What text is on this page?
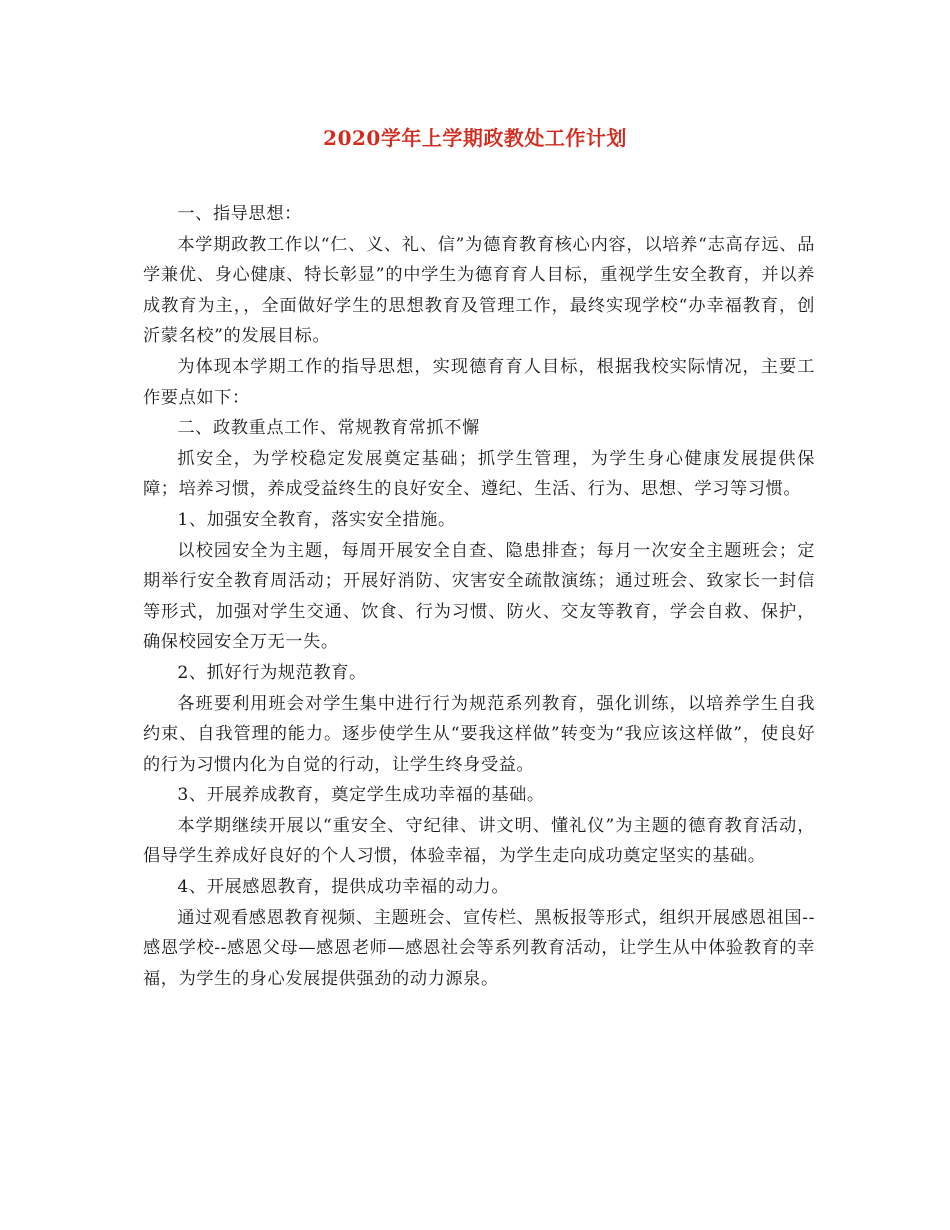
2020学年上学期政教处工作计划

一、指导思想：

本学期政教工作以“仁、义、礼、信”为德育教育核心内容，以培养“志高存远、品学兼优、身心健康、特长彰显”的中学生为德育育人目标，重视学生安全教育，并以养成教育为主，，全面做好学生的思想教育及管理工作，最终实现学校“办幸福教育，创沂蒙名校”的发展目标。

为体现本学期工作的指导思想，实现德育育人目标，根据我校实际情况，主要工作要点如下：

二、政教重点工作、常规教育常抓不懈

抓安全，为学校稳定发展奠定基础；抓学生管理，为学生身心健康发展提供保障；培养习惯，养成受益终生的良好安全、遵纪、生活、行为、思想、学习等习惯。

1、加强安全教育，落实安全措施。

以校园安全为主题，每周开展安全自查、隐患排查；每月一次安全主题班会；定期举行安全教育周活动；开展好消防、灾害安全疏散演练；通过班会、致家长一封信等形式，加强对学生交通、饮食、行为习惯、防火、交友等教育，学会自救、保护，确保校园安全万无一失。

2、抓好行为规范教育。

各班要利用班会对学生集中进行行为规范系列教育，强化训练，以培养学生自我约束、自我管理的能力。逐步使学生从“要我这样做”转变为“我应该这样做”，使良好的行为习惯内化为自觉的行动，让学生终身受益。

3、开展养成教育，奠定学生成功幸福的基础。

本学期继续开展以“重安全、守纪律、讲文明、懂礼仪”为主题的德育教育活动，倡导学生养成好良好的个人习惯，体验幸福，为学生走向成功奠定坚实的基础。

4、开展感恩教育，提供成功幸福的动力。

通过观看感恩教育视频、主题班会、宣传栏、黑板报等形式，组织开展感恩祖国--感恩学校--感恩父母—感恩老师—感恩社会等系列教育活动，让学生从中体验教育的幸福，为学生的身心发展提供强劲的动力源泉。
